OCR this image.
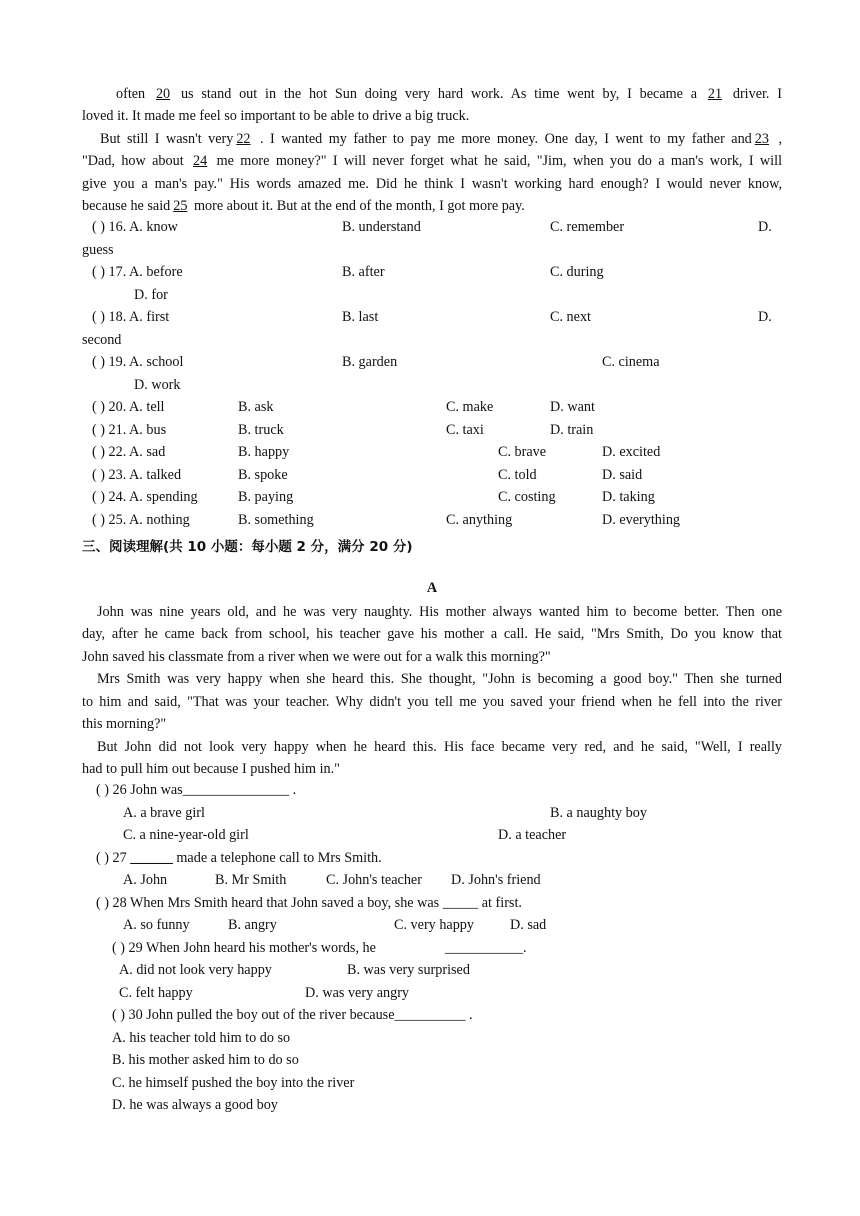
often 20 us stand out in the hot Sun doing very hard work. As time went by, I became a 21 driver. I
loved it. It made me feel so important to be able to drive a big truck.
But still I wasn't very 22 . I wanted my father to pay me more money. One day, I went to my father and 23 ,
"Dad, how about 24 me more money?" I will never forget what he said, "Jim, when you do a man's work, I will
give you a man's pay." His words amazed me. Did he think I wasn't working hard enough? I would never know,
because he said 25 more about it. But at the end of the month, I got more pay.
( ) 16. A. know	B. understand	C. remember	D.
guess
( ) 17. A. before	B. after	C. during
D. for
( ) 18. A. first	B. last	C. next	D.
second
( ) 19. A. school	B. garden	C. cinema
D. work
( ) 20. A. tell	B. ask	C. make	D. want
( ) 21. A. bus	B. truck	C. taxi	D. train
( ) 22. A. sad	B. happy	C. brave	D. excited
( ) 23. A. talked	B. spoke	C. told	D. said
( ) 24. A. spending	B. paying	C. costing	D. taking
( ) 25. A. nothing	B. something	C. anything	D. everything
三、阅读理解(共 10 小题：每小题 2 分，满分 20 分)
A
John was nine years old, and he was very naughty. His mother always wanted him to become better. Then one
day, after he came back from school, his teacher gave his mother a call. He said, "Mrs Smith, Do you know that
John saved his classmate from a river when we were out for a walk this morning?"
Mrs Smith was very happy when she heard this. She thought, "John is becoming a good boy." Then she turned
to him and said, "That was your teacher. Why didn't you tell me you saved your friend when he fell into the river
this morning?"
But John did not look very happy when he heard this. His face became very red, and he said, "Well, I really
had to pull him out because I pushed him in."
( ) 26 John was_______________ .
A. a brave girl	B. a naughty boy
C. a nine-year-old girl	D. a teacher
( ) 27 ______ made a telephone call to Mrs Smith.
A. John	B. Mr Smith	C. John's teacher D. John's friend
( ) 28 When Mrs Smith heard that John saved a boy, she was _____ at first.
A. so funny	B. angry	C. very happy	D. sad
( ) 29 When John heard his mother's words, he	___________.
A. did not look very happy	B. was very surprised
C. felt happy	D. was very angry
( ) 30 John pulled the boy out of the river because__________ .
A. his teacher told him to do so
B. his mother asked him to do so
C. he himself pushed the boy into the river
D. he was always a good boy
